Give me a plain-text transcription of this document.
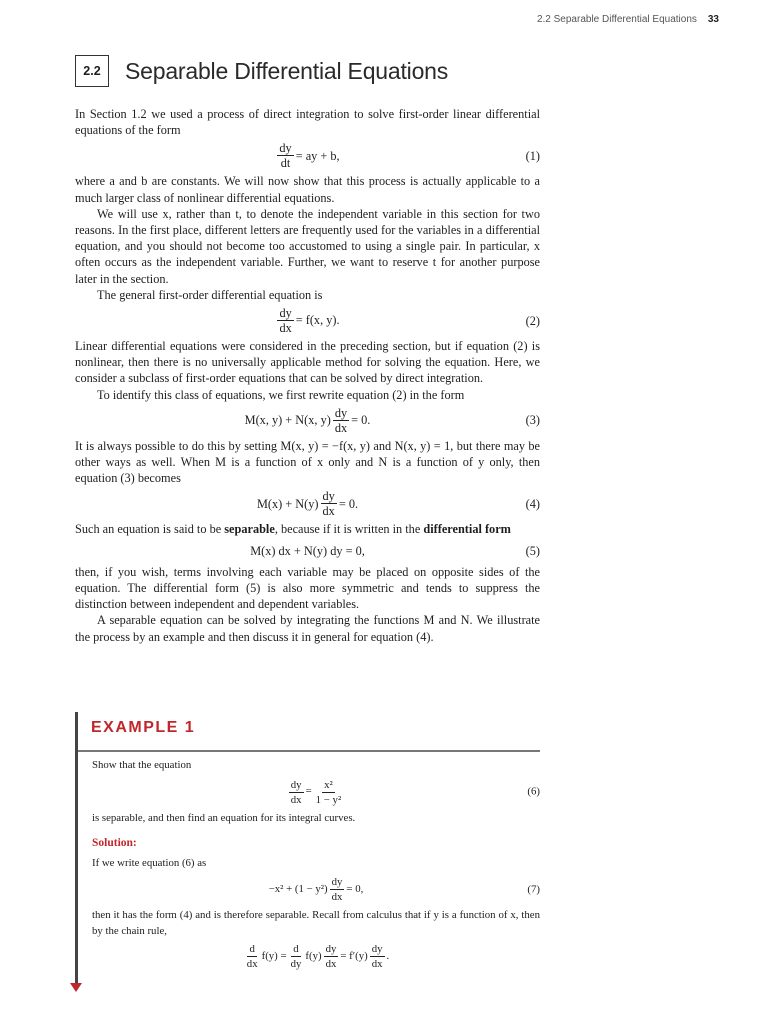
2.2 Separable Differential Equations 33
2.2	Separable Differential Equations

In Section 1.2 we used a process of direct integration to solve first-order linear differential equations of the form

$\frac{dy}{dt}$ = ay + b,	(1)

where a and b are constants. We will now show that this process is actually applicable to a much larger class of nonlinear differential equations.

We will use x, rather than t, to denote the independent variable in this section for two reasons. In the first place, different letters are frequently used for the variables in a differential equation, and you should not become too accustomed to using a single pair. In particular, x often occurs as the independent variable. Further, we want to reserve t for another purpose later in the section.

The general first-order differential equation is

$\frac{dy}{dx} = f(x$, y).	(2)

Linear differential equations were considered in the preceding section, but if equation (2) is nonlinear, then there is no universally applicable method for solving the equation. Here, we consider a subclass of first-order equations that can be solved by direct integration.

To identify this class of equations, we first rewrite equation (2) in the form

M(x, y) + N(x, $y) \frac{dy}{dx} = 0$.	(3)

It is always possible to do this by setting M(x, y) = −f(x, y) and N(x, y) = 1, but there may be other ways as well. When M is a function of x only and N is a function of y only, then equation (3) becomes

$M(x) + N(y) \frac{dy}{dx} = 0$.	(4)

Such an equation is said to be separable, because if it is written in the differential form

M(x) dx + N(y) dy = 0,	(5)

then, if you wish, terms involving each variable may be placed on opposite sides of the equation. The differential form (5) is also more symmetric and tends to suppress the distinction between independent and dependent variables.

A separable equation can be solved by integrating the functions M and N. We illustrate the process by an example and then discuss it in general for equation (4).

EXAMPLE 1

Show that the equation

$\frac{dy}{dx} = \frac{\text{x²}}{\text{1 − y²}}$	(6)

is separable, and then find an equation for its integral curves.

Solution:

If we write equation (6) as

$-x^2 + (1 - y^2) \frac{dy}{dx} = 0$,	(7)

then it has the form (4) and is therefore separable. Recall from calculus that if y is a function of x, then by the chain rule,

$\frac{d}{dx} f(y) = \frac{d}{dy} f(y) \frac{dy}{dx} = f'(y) \frac{dy}{dx}$ .
